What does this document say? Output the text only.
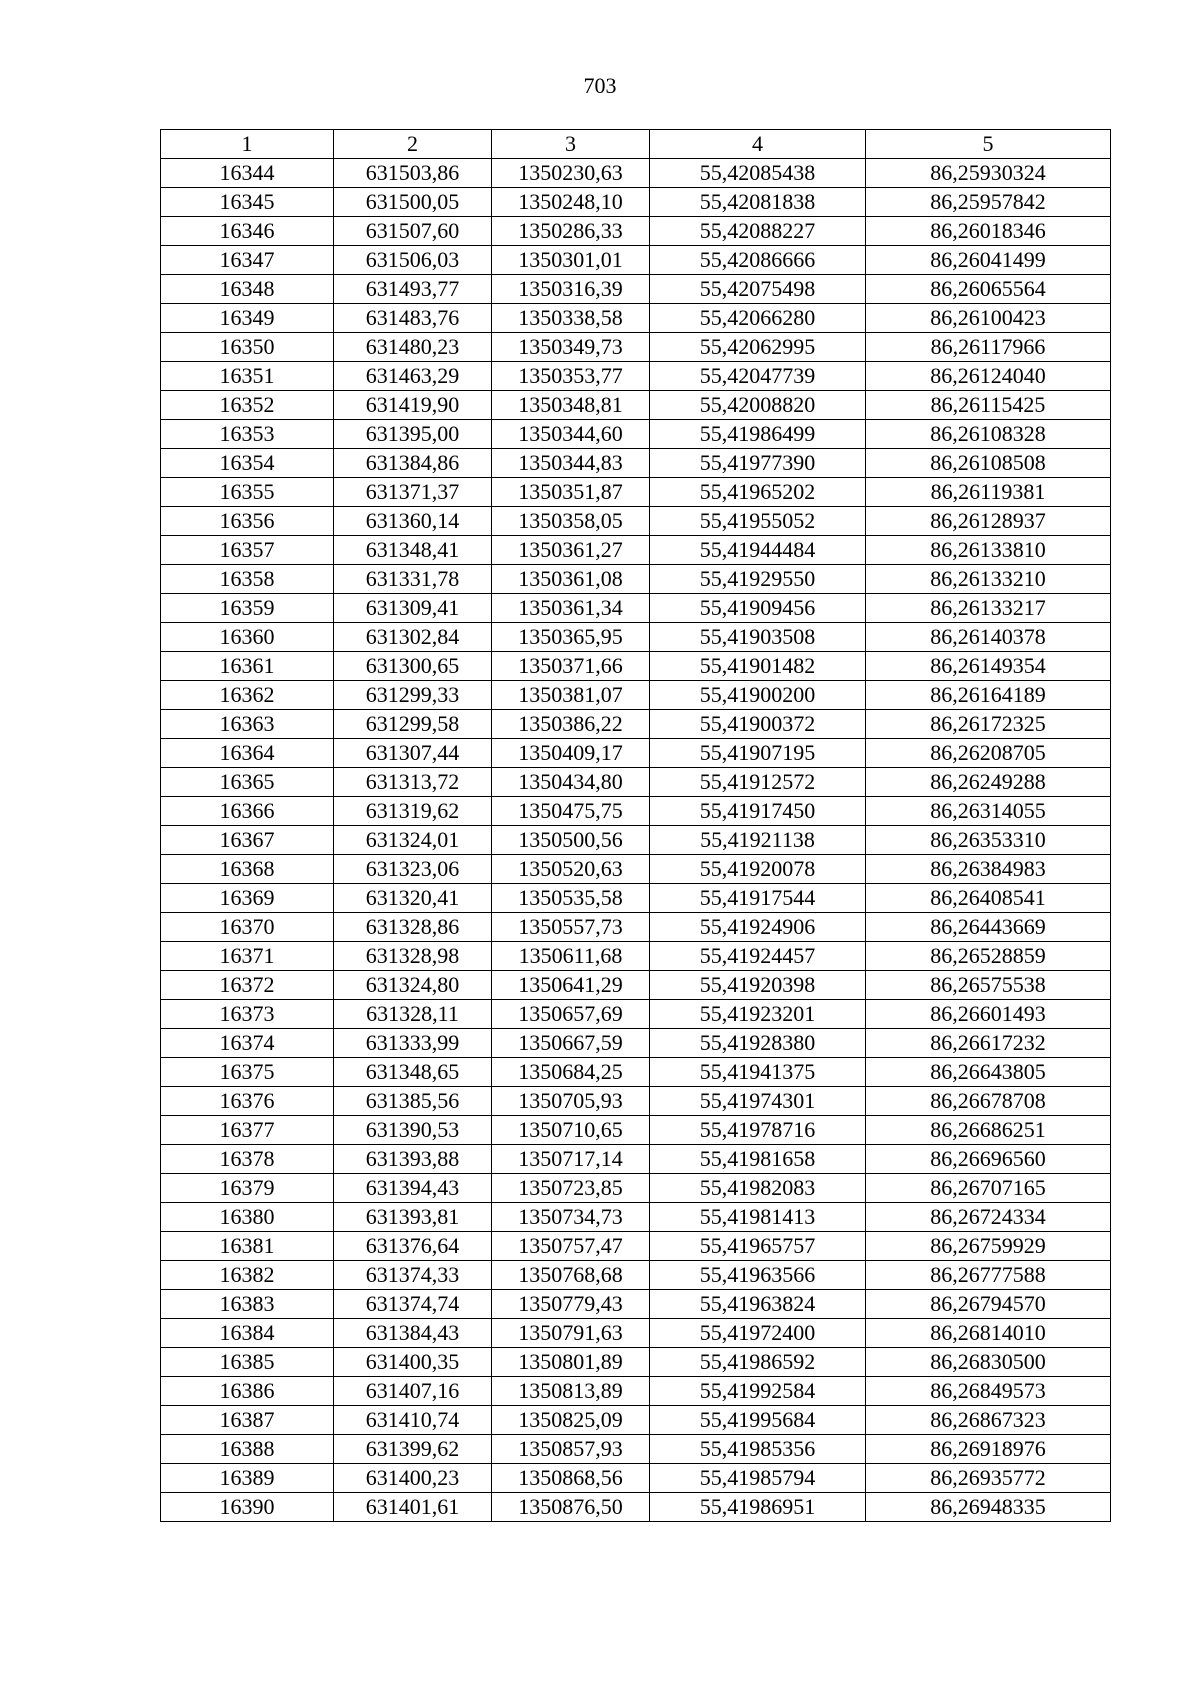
703
1	2	3	4	5
16344	631503,86	1350230,63	55,42085438	86,25930324
16345	631500,05	1350248,10	55,42081838	86,25957842
16346	631507,60	1350286,33	55,42088227	86,26018346
16347	631506,03	1350301,01	55,42086666	86,26041499
16348	631493,77	1350316,39	55,42075498	86,26065564
16349	631483,76	1350338,58	55,42066280	86,26100423
16350	631480,23	1350349,73	55,42062995	86,26117966
16351	631463,29	1350353,77	55,42047739	86,26124040
16352	631419,90	1350348,81	55,42008820	86,26115425
16353	631395,00	1350344,60	55,41986499	86,26108328
16354	631384,86	1350344,83	55,41977390	86,26108508
16355	631371,37	1350351,87	55,41965202	86,26119381
16356	631360,14	1350358,05	55,41955052	86,26128937
16357	631348,41	1350361,27	55,41944484	86,26133810
16358	631331,78	1350361,08	55,41929550	86,26133210
16359	631309,41	1350361,34	55,41909456	86,26133217
16360	631302,84	1350365,95	55,41903508	86,26140378
16361	631300,65	1350371,66	55,41901482	86,26149354
16362	631299,33	1350381,07	55,41900200	86,26164189
16363	631299,58	1350386,22	55,41900372	86,26172325
16364	631307,44	1350409,17	55,41907195	86,26208705
16365	631313,72	1350434,80	55,41912572	86,26249288
16366	631319,62	1350475,75	55,41917450	86,26314055
16367	631324,01	1350500,56	55,41921138	86,26353310
16368	631323,06	1350520,63	55,41920078	86,26384983
16369	631320,41	1350535,58	55,41917544	86,26408541
16370	631328,86	1350557,73	55,41924906	86,26443669
16371	631328,98	1350611,68	55,41924457	86,26528859
16372	631324,80	1350641,29	55,41920398	86,26575538
16373	631328,11	1350657,69	55,41923201	86,26601493
16374	631333,99	1350667,59	55,41928380	86,26617232
16375	631348,65	1350684,25	55,41941375	86,26643805
16376	631385,56	1350705,93	55,41974301	86,26678708
16377	631390,53	1350710,65	55,41978716	86,26686251
16378	631393,88	1350717,14	55,41981658	86,26696560
16379	631394,43	1350723,85	55,41982083	86,26707165
16380	631393,81	1350734,73	55,41981413	86,26724334
16381	631376,64	1350757,47	55,41965757	86,26759929
16382	631374,33	1350768,68	55,41963566	86,26777588
16383	631374,74	1350779,43	55,41963824	86,26794570
16384	631384,43	1350791,63	55,41972400	86,26814010
16385	631400,35	1350801,89	55,41986592	86,26830500
16386	631407,16	1350813,89	55,41992584	86,26849573
16387	631410,74	1350825,09	55,41995684	86,26867323
16388	631399,62	1350857,93	55,41985356	86,26918976
16389	631400,23	1350868,56	55,41985794	86,26935772
16390	631401,61	1350876,50	55,41986951	86,26948335
